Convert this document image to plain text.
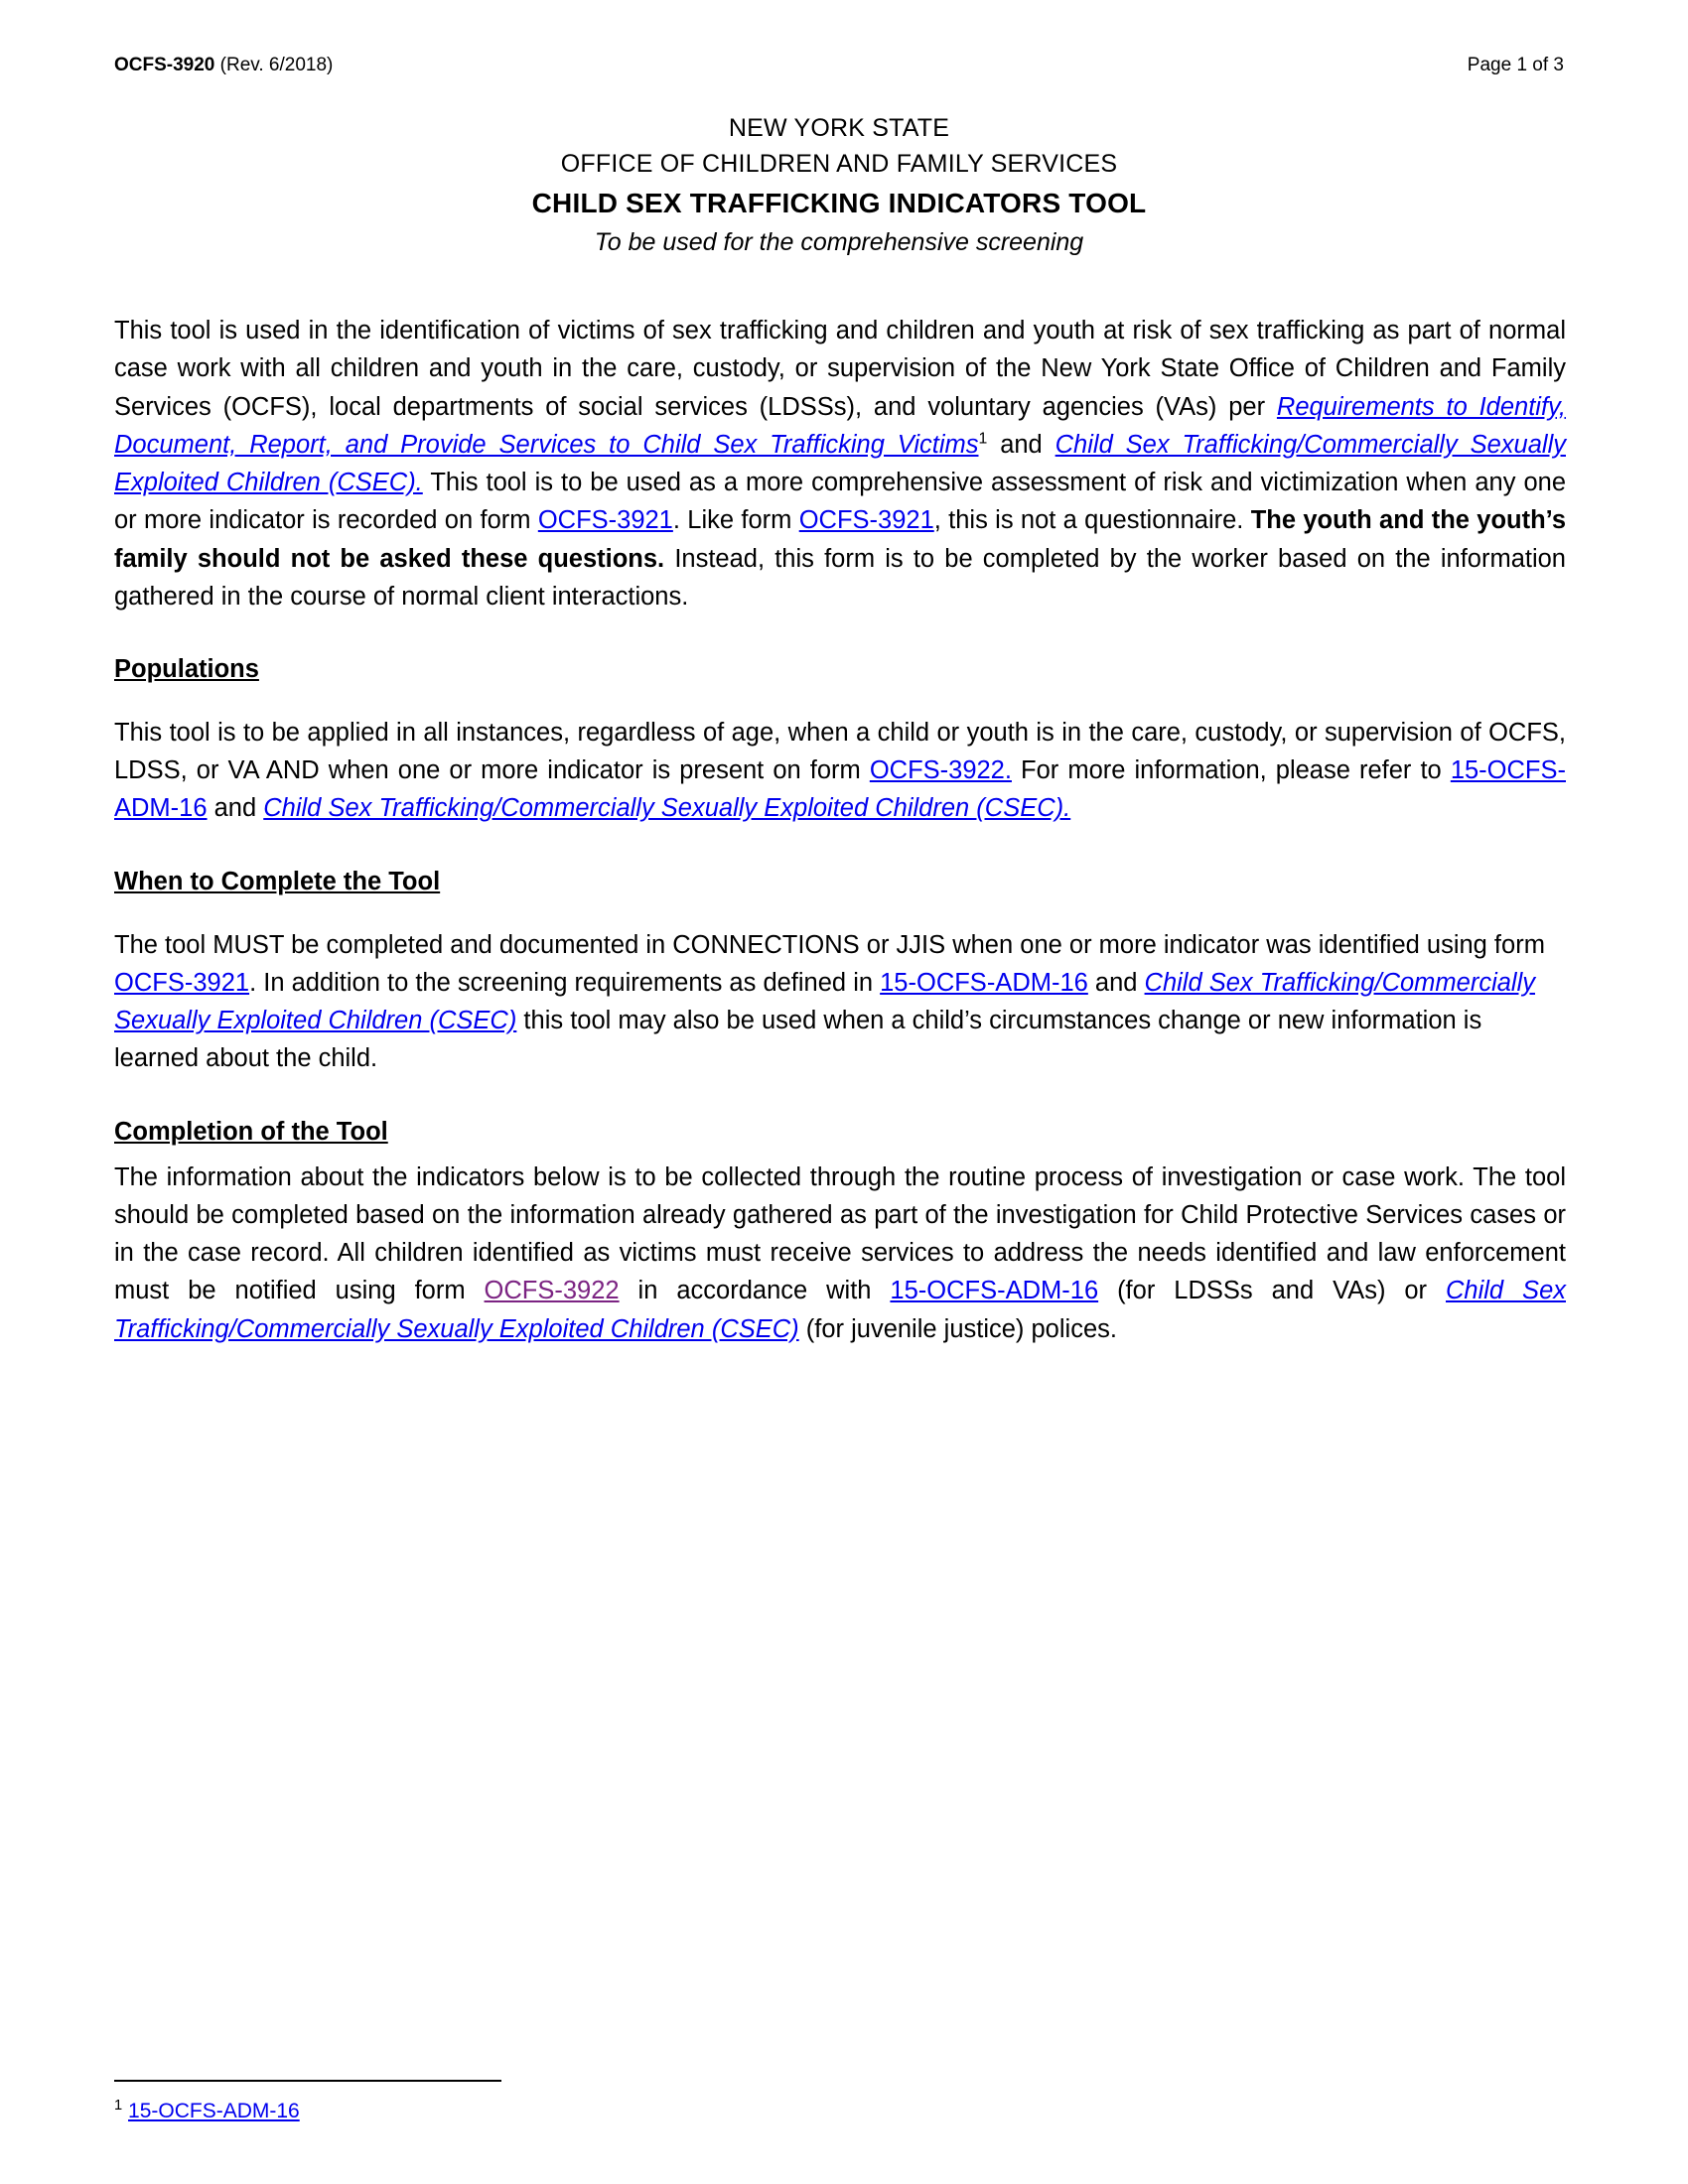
OCFS-3920 (Rev. 6/2018)	Page 1 of 3
NEW YORK STATE
OFFICE OF CHILDREN AND FAMILY SERVICES
CHILD SEX TRAFFICKING INDICATORS TOOL
To be used for the comprehensive screening

This tool is used in the identification of victims of sex trafficking and children and youth at risk of sex trafficking as part of normal case work with all children and youth in the care, custody, or supervision of the New York State Office of Children and Family Services (OCFS), local departments of social services (LDSSs), and voluntary agencies (VAs) per Requirements to Identify, Document, Report, and Provide Services to Child Sex Trafficking Victims$^1$ and Child Sex Trafficking/Commercially Sexually Exploited Children (CSEC). This tool is to be used as a more comprehensive assessment of risk and victimization when any one or more indicator is recorded on form OCFS-3921. Like form OCFS-3921, this is not a questionnaire. The youth and the youth’s family should not be asked these questions. Instead, this form is to be completed by the worker based on the information gathered in the course of normal client interactions.

Populations

This tool is to be applied in all instances, regardless of age, when a child or youth is in the care, custody, or supervision of OCFS, LDSS, or VA AND when one or more indicator is present on form OCFS-3922. For more information, please refer to 15-OCFS-ADM-16 and Child Sex Trafficking/Commercially Sexually Exploited Children (CSEC).

When to Complete the Tool

The tool MUST be completed and documented in CONNECTIONS or JJIS when one or more indicator was identified using form OCFS-3921. In addition to the screening requirements as defined in 15-OCFS-ADM-16 and Child Sex Trafficking/Commercially Sexually Exploited Children (CSEC) this tool may also be used when a child’s circumstances change or new information is learned about the child.

Completion of the Tool

The information about the indicators below is to be collected through the routine process of investigation or case work. The tool should be completed based on the information already gathered as part of the investigation for Child Protective Services cases or in the case record. All children identified as victims must receive services to address the needs identified and law enforcement must be notified using form OCFS-3922 in accordance with 15-OCFS-ADM-16 (for LDSSs and VAs) or Child Sex Trafficking/Commercially Sexually Exploited Children (CSEC) (for juvenile justice) polices.

$^1$ 15-OCFS-ADM-16
